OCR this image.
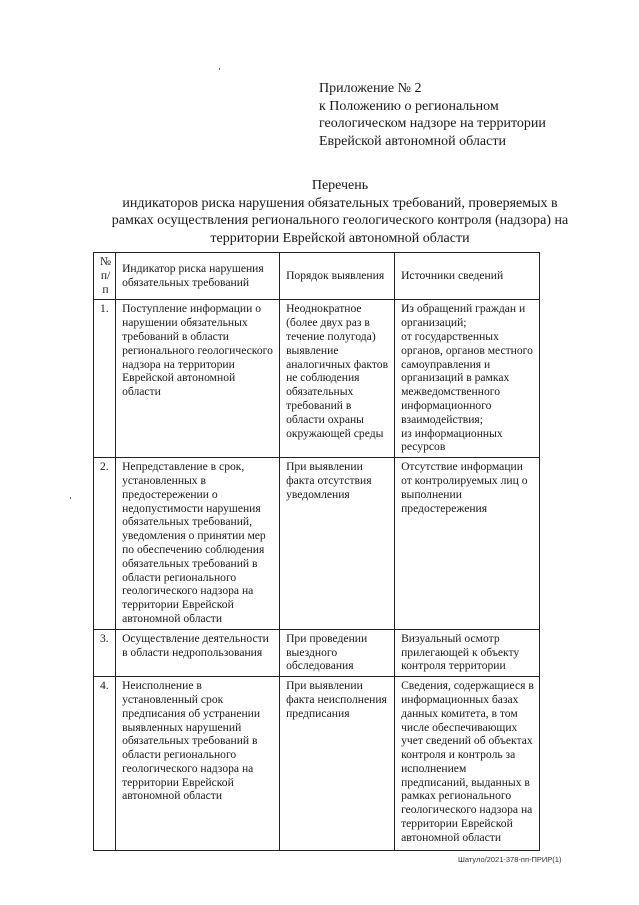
Приложение № 2
к Положению о региональном
геологическом надзоре на территории
Еврейской автономной области
Перечень
индикаторов риска нарушения обязательных требований, проверяемых в
рамках осуществления регионального геологического контроля (надзора) на
территории Еврейской автономной области
№
п/п	Индикатор риска нарушения обязательных требований	Порядок выявления	Источники сведений

1.	Поступление информации о нарушении обязательных требований в области регионального геологического надзора на территории Еврейской автономной области	Неоднократное (более двух раз в течение полугода) выявление аналогичных фактов не соблюдения обязательных требований в области охраны окружающей среды	Из обращений граждан и организаций;
от государственных органов, органов местного самоуправления и организаций в рамках межведомственного информационного взаимодействия;
из информационных ресурсов

2.	Непредставление в срок, установленных в предостережении о недопустимости нарушения обязательных требований, уведомления о принятии мер по обеспечению соблюдения обязательных требований в области регионального геологического надзора на территории Еврейской автономной области	При выявлении факта отсутствия уведомления	Отсутствие информации от контролируемых лиц о выполнении предостережения

3.	Осуществление деятельности в области недропользования	При проведении выездного обследования	Визуальный осмотр прилегающей к объекту контроля территории

4.	Неисполнение в установленный срок предписания об устранении выявленных нарушений обязательных требований в области регионального геологического надзора на территории Еврейской автономной области	При выявлении факта неисполнения предписания	Сведения, содержащиеся в информационных базах данных комитета, в том числе обеспечивающих учет сведений об объектах контроля и контроль за исполнением предписаний, выданных в рамках регионального геологического надзора на территории Еврейской автономной области
Шатуло/2021-378-пп-ПРИР(1)
